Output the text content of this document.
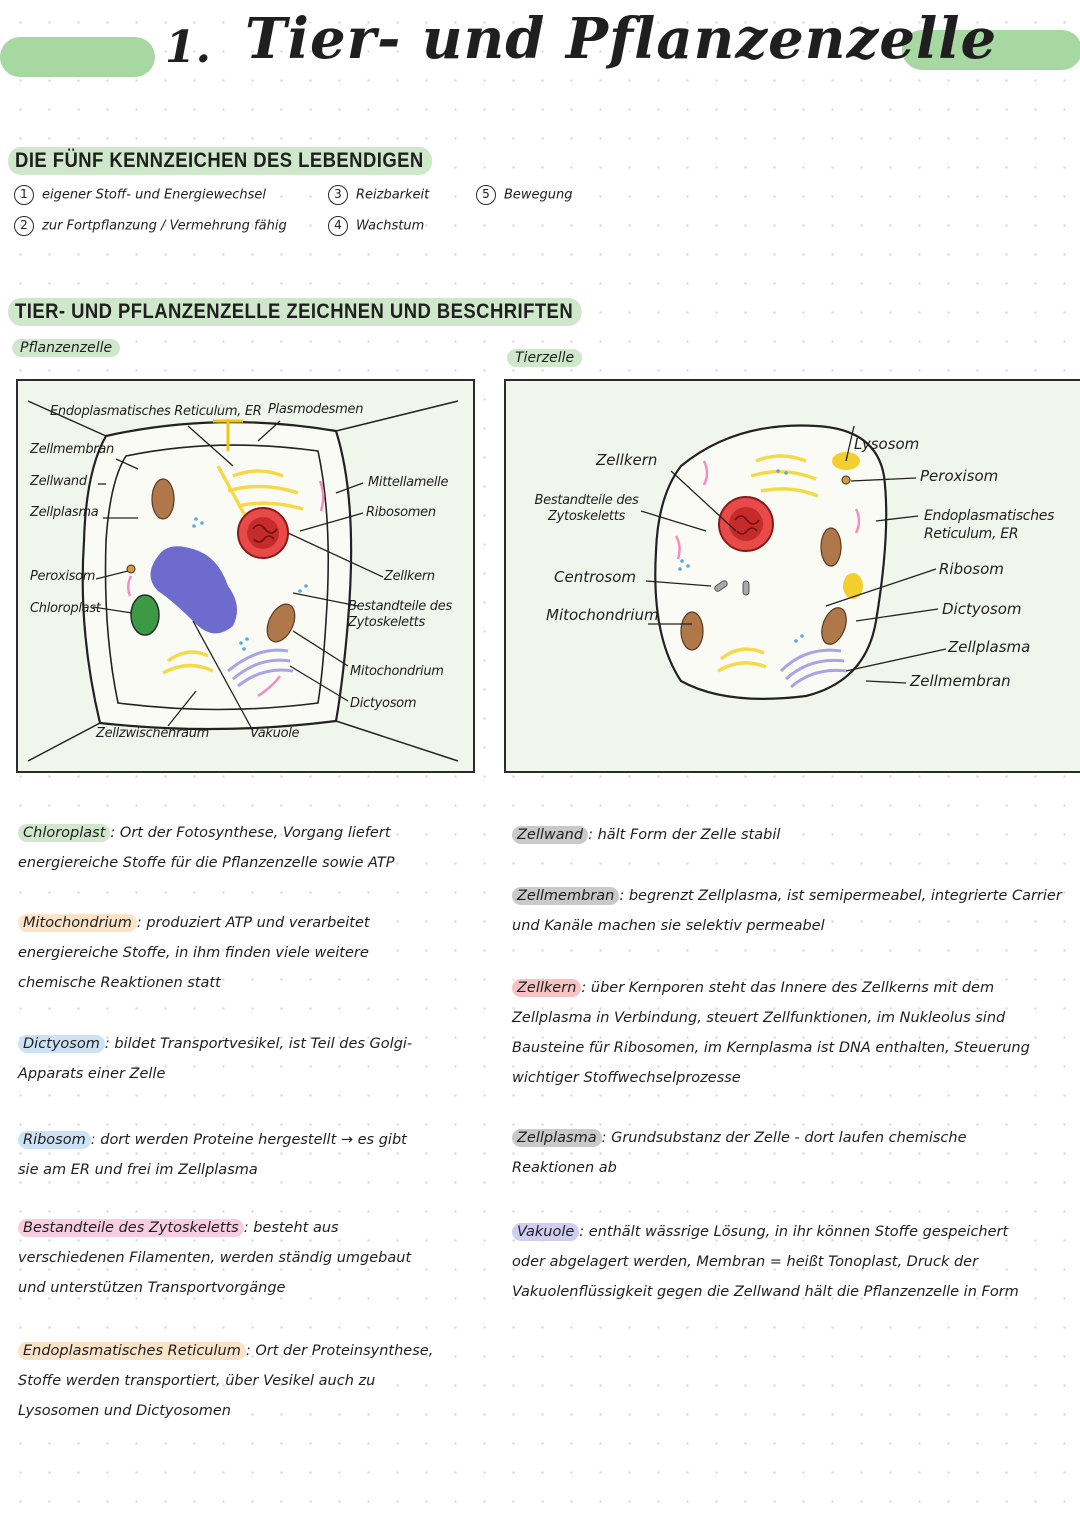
1. Tier- und Pflanzenzelle
DIE FÜNF KENNZEICHEN DES LEBENDIGEN
1 eigener Stoff- und Energiewechsel
2 zur Fortpflanzung / Vermehrung fähig
3 Reizbarkeit
4 Wachstum
5 Bewegung
TIER- UND PFLANZENZELLE ZEICHNEN UND BESCHRIFTEN
Pflanzenzelle
Tierzelle
Endoplasmatisches Reticulum, ER Plasmodesmen
Zellmembran
Zellwand
Zellplasma
Peroxisom
Chloroplast
Mittellamelle
Ribosomen
Zellkern
Bestandteile des Zytoskeletts
Mitochondrium
Dictyosom
Zellzwischenraum	Vakuole
Zellkern
Lysosom
Peroxisom
Bestandteile des Zytoskeletts	Endoplasmatisches Reticulum, ER
Centrosom	Ribosom
Mitochondrium	Dictyosom
Zellplasma
Zellmembran
Chloroplast : Ort der Fotosynthese, Vorgang liefert energiereiche Stoffe für die Pflanzenzelle sowie ATP
Mitochondrium : produziert ATP und verarbeitet energiereiche Stoffe, in ihm finden viele weitere chemische Reaktionen statt
Dictyosom : bildet Transportvesikel, ist Teil des Golgi-Apparats einer Zelle
Ribosom : dort werden Proteine hergestellt → es gibt sie am ER und frei im Zellplasma
Bestandteile des Zytoskeletts : besteht aus verschiedenen Filamenten, werden ständig umgebaut und unterstützen Transportvorgänge
Endoplasmatisches Reticulum : Ort der Proteinsynthese, Stoffe werden transportiert, über Vesikel auch zu Lysosomen und Dictyosomen
Zellwand : hält Form der Zelle stabil
Zellmembran : begrenzt Zellplasma, ist semipermeabel, integrierte Carrier und Kanäle machen sie selektiv permeabel
Zellkern : über Kernporen steht das Innere des Zellkerns mit dem Zellplasma in Verbindung, steuert Zellfunktionen, im Nukleolus sind Bausteine für Ribosomen, im Kernplasma ist DNA enthalten, Steuerung wichtiger Stoffwechselprozesse
Zellplasma : Grundsubstanz der Zelle - dort laufen chemische Reaktionen ab
Vakuole : enthält wässrige Lösung, in ihr können Stoffe gespeichert oder abgelagert werden, Membran = heißt Tonoplast, Druck der Vakuolenflüssigkeit gegen die Zellwand hält die Pflanzenzelle in Form
